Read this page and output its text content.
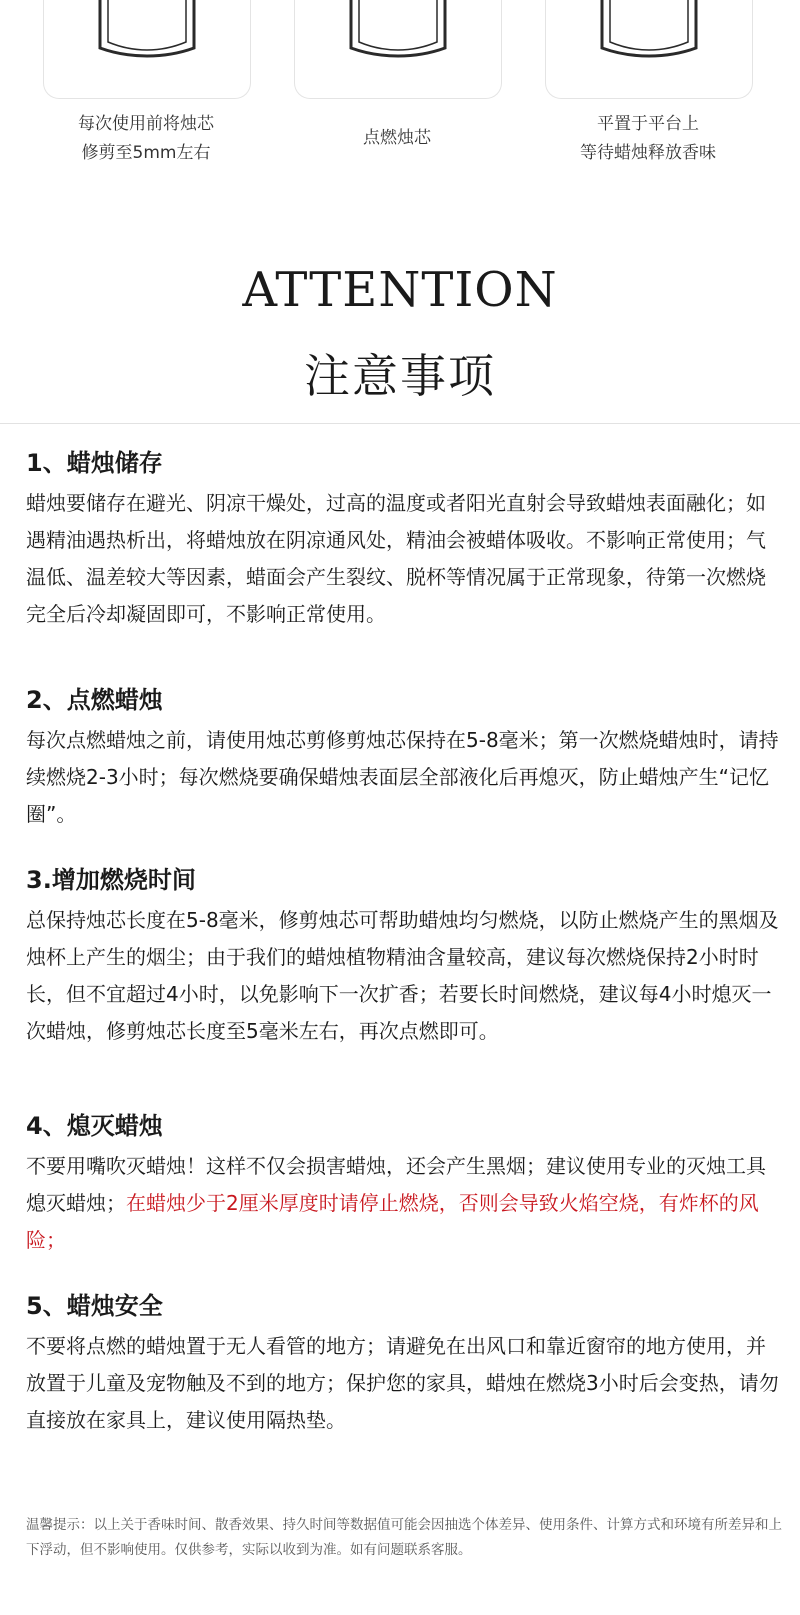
每次使用前将烛芯
修剪至5mm左右
点燃烛芯
平置于平台上
等待蜡烛释放香味
ATTENTION
注意事项
1、蜡烛储存
蜡烛要储存在避光、阴凉干燥处，过高的温度或者阳光直射会导致蜡烛表面融化；如遇精油遇热析出，将蜡烛放在阴凉通风处，精油会被蜡体吸收。不影响正常使用；气温低、温差较大等因素，蜡面会产生裂纹、脱杯等情况属于正常现象，待第一次燃烧完全后冷却凝固即可，不影响正常使用。
2、点燃蜡烛
每次点燃蜡烛之前，请使用烛芯剪修剪烛芯保持在5-8毫米；第一次燃烧蜡烛时，请持续燃烧2-3小时；每次燃烧要确保蜡烛表面层全部液化后再熄灭，防止蜡烛产生“记忆圈”。
3.增加燃烧时间
总保持烛芯长度在5-8毫米，修剪烛芯可帮助蜡烛均匀燃烧，以防止燃烧产生的黑烟及烛杯上产生的烟尘；由于我们的蜡烛植物精油含量较高，建议每次燃烧保持2小时时长，但不宜超过4小时，以免影响下一次扩香；若要长时间燃烧，建议每4小时熄灭一次蜡烛，修剪烛芯长度至5毫米左右，再次点燃即可。
4、熄灭蜡烛
不要用嘴吹灭蜡烛！这样不仅会损害蜡烛，还会产生黑烟；建议使用专业的灭烛工具熄灭蜡烛；在蜡烛少于2厘米厚度时请停止燃烧，否则会导致火焰空烧，有炸杯的风险；
5、蜡烛安全
不要将点燃的蜡烛置于无人看管的地方；请避免在出风口和靠近窗帘的地方使用，并放置于儿童及宠物触及不到的地方；保护您的家具，蜡烛在燃烧3小时后会变热，请勿直接放在家具上，建议使用隔热垫。
温馨提示：以上关于香味时间、散香效果、持久时间等数据值可能会因抽选个体差异、使用条件、计算方式和环境有所差异和上下浮动，但不影响使用。仅供参考，实际以收到为准。如有问题联系客服。
